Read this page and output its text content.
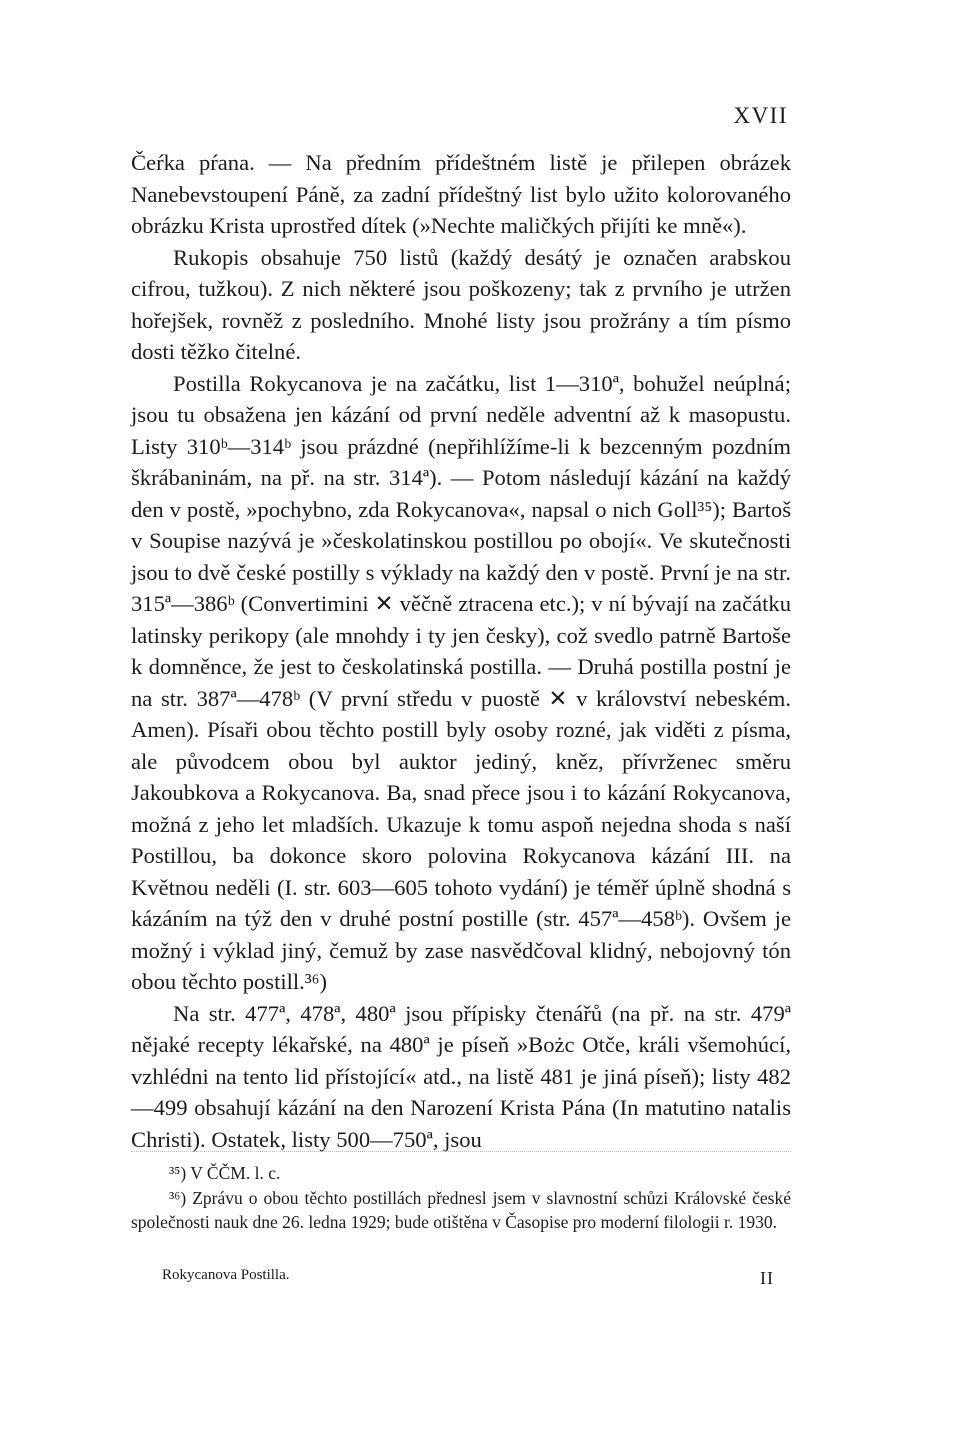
XVII

Čeŕka pŕana. — Na předním přídeštném listě je přilepen obrázek Nanebevstoupení Páně, za zadní přídeštný list bylo užito kolorovaného obrázku Krista uprostřed dítek (»Nechte maličkých přijíti ke mně«).

Rukopis obsahuje 750 listů (každý desátý je označen arabskou cifrou, tužkou). Z nich některé jsou poškozeny; tak z prvního je utržen hořejšek, rovněž z posledního. Mnohé listy jsou prožrány a tím písmo dosti těžko čitelné.

Postilla Rokycanova je na začátku, list 1—310ª, bohužel neúplná; jsou tu obsažena jen kázání od první neděle adventní až k masopustu. Listy 310ᵇ—314ᵇ jsou prázdné (nepřihlížíme-li k bezcenným pozdním škrábaninám, na př. na str. 314ª). — Potom následují kázání na každý den v postě, »pochybno, zda Rokycanova«, napsal o nich Goll³⁵); Bartoš v Soupise nazývá je »českolatinskou postillou po obojí«. Ve skutečnosti jsou to dvě české postilly s výklady na každý den v postě. První je na str. 315ª—386ᵇ (Convertimini ✕ věčně ztracena etc.); v ní bývají na začátku latinsky perikopy (ale mnohdy i ty jen česky), což svedlo patrně Bartoše k domněnce, že jest to českolatinská postilla. — Druhá postilla postní je na str. 387ª—478ᵇ (V první středu v puostě ✕ v království nebeském. Amen). Písaři obou těchto postill byly osoby rozné, jak viděti z písma, ale původcem obou byl auktor jediný, kněz, přívrženec směru Jakoubkova a Rokycanova. Ba, snad přece jsou i to kázání Rokycanova, možná z jeho let mladších. Ukazuje k tomu aspoň nejedna shoda s naší Postillou, ba dokonce skoro polovina Rokycanova kázání III. na Květnou neděli (I. str. 603—605 tohoto vydání) je téměř úplně shodná s kázáním na týž den v druhé postní postille (str. 457ª—458ᵇ). Ovšem je možný i výklad jiný, čemuž by zase nasvědčoval klidný, nebojovný tón obou těchto postill.³⁶)

Na str. 477ª, 478ª, 480ª jsou přípisky čtenářů (na př. na str. 479ª nějaké recepty lékařské, na 480ª je píseň »Bożc Otče, králi všemohúcí, vzhlédni na tento lid přístojící« atd., na listě 481 je jiná píseň); listy 482—499 obsahují kázání na den Narození Krista Pána (In matutino natalis Christi). Ostatek, listy 500—750ª, jsou

³⁵) V ČČM. l. c.

³⁶) Zprávu o obou těchto postillách přednesl jsem v slavnostní schůzi Královské české společnosti nauk dne 26. ledna 1929; bude otištěna v Časopise pro moderní filologii r. 1930.

Rokycanova Postilla.	II
